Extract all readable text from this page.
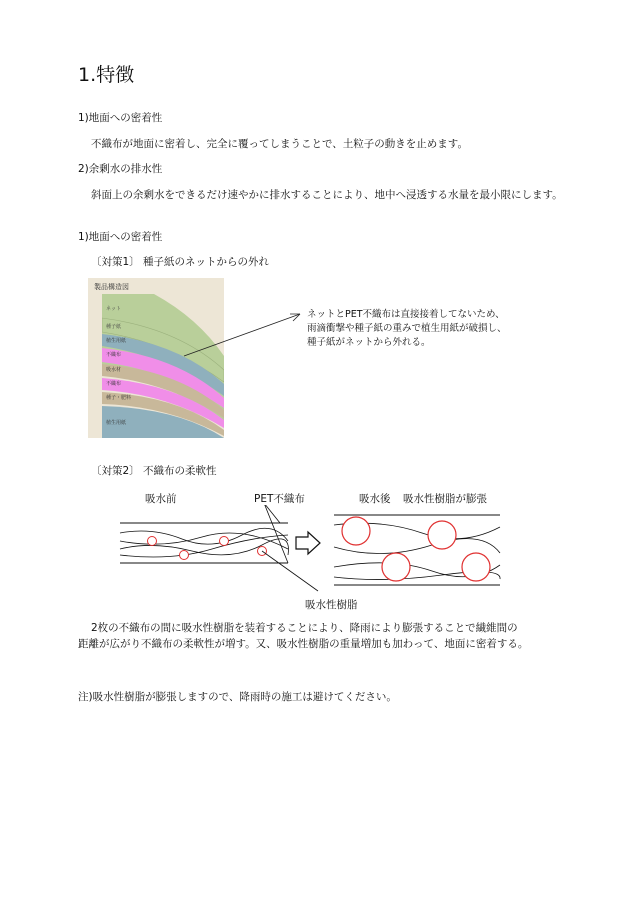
1.特徴
1)地面への密着性
不織布が地面に密着し、完全に覆ってしまうことで、土粒子の動きを止めます。
2)余剰水の排水性
斜面上の余剰水をできるだけ速やかに排水することにより、地中へ浸透する水量を最小限にします。
1)地面への密着性
〔対策1〕 種子紙のネットからの外れ
製品構造図
ネット
種子紙
植生用紙
不織布
吸水材
不織布
種子・肥料
植生用紙
ネットとPET不織布は直接接着してないため、
雨滴衝撃や種子紙の重みで植生用紙が破損し、
種子紙がネットから外れる。
〔対策2〕 不織布の柔軟性
吸水前	PET不織布	吸水後 吸水性樹脂が膨張
吸水性樹脂
2枚の不織布の間に吸水性樹脂を装着することにより、降雨により膨張することで繊維間の
距離が広がり不織布の柔軟性が増す。又、吸水性樹脂の重量増加も加わって、地面に密着する。
注)吸水性樹脂が膨張しますので、降雨時の施工は避けてください。
